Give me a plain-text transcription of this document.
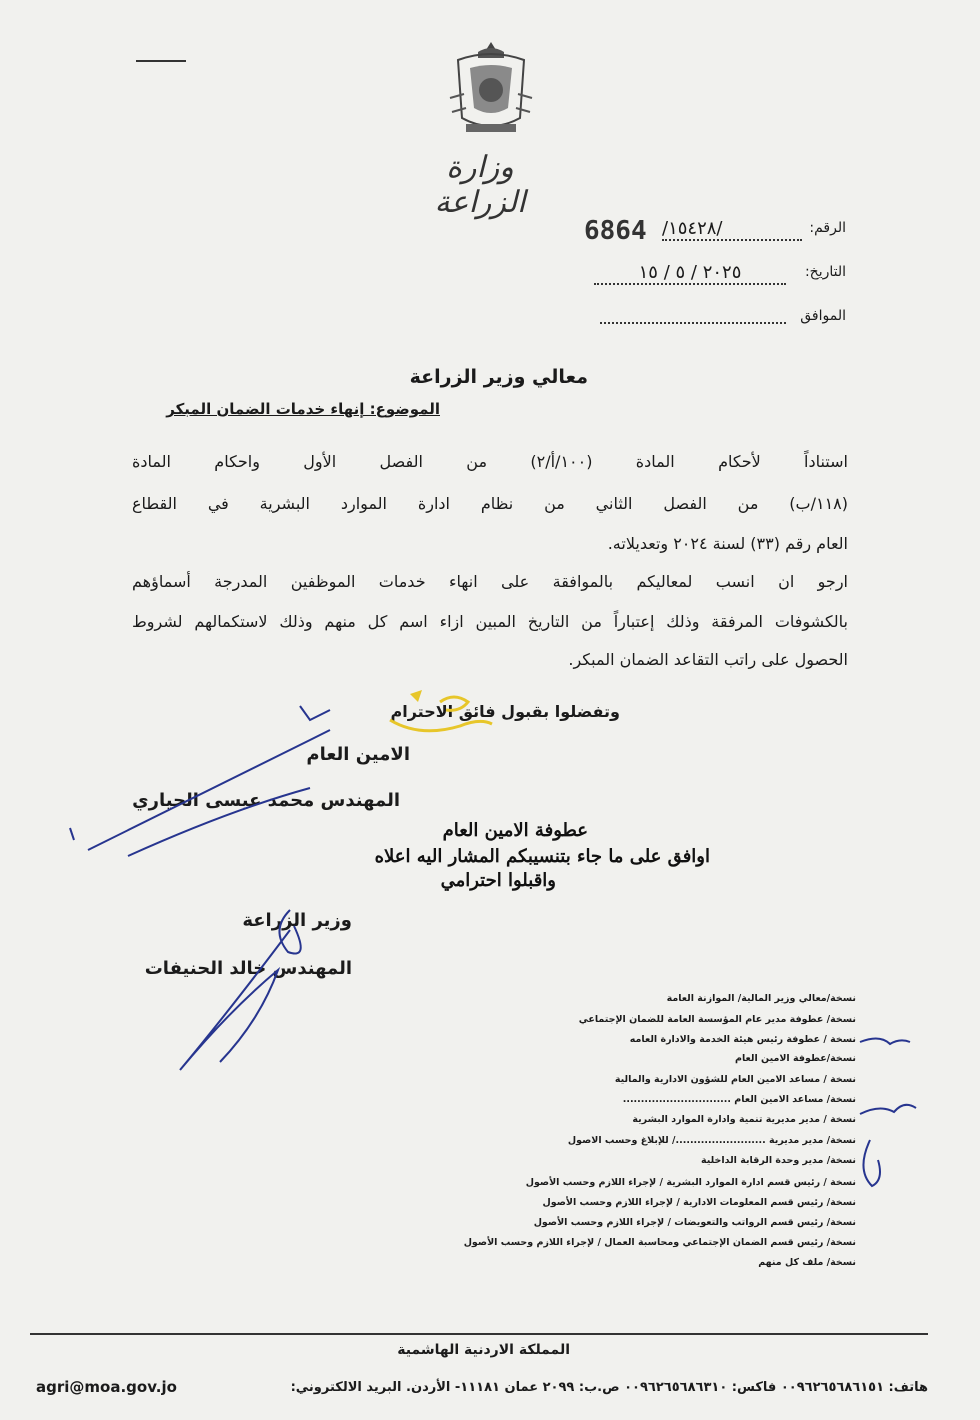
وزارة الزراعة
الرقم:
/١٥٤٢٨/
6864
التاريخ:
٢٠٢٥ / ٥ / ١٥
الموافق
معالي وزير الزراعة
الموضوع: إنهاء خدمات الضمان المبكر
استناداً لأحكام المادة (١٠٠/أ/٢) من الفصل الأول واحكام المادة
(١١٨/ب) من الفصل الثاني من نظام ادارة الموارد البشرية في القطاع
العام رقم (٣٣) لسنة ٢٠٢٤ وتعديلاته.
ارجو ان انسب لمعاليكم بالموافقة على انهاء خدمات الموظفين المدرجة أسماؤهم
بالكشوفات المرفقة وذلك إعتباراً من التاريخ المبين ازاء اسم كل منهم وذلك لاستكمالهم لشروط
الحصول على راتب التقاعد الضمان المبكر.
وتفضلوا بقبول فائق الاحترام
الامين العام
المهندس محمد عيسى الحياري
عطوفة الامين العام
اوافق على ما جاء بتنسيبكم المشار اليه اعلاه
واقبلوا احترامي
وزير الزراعة
المهندس خالد الحنيفات
نسخة/معالي وزير المالية/ الموازنة العامة
نسخة/ عطوفة مدير عام المؤسسة العامة للضمان الإجتماعي
نسخة / عطوفة رئيس هيئة الخدمة والادارة العامه
نسخة/عطوفة الامين العام
نسخة / مساعد الامين العام للشؤون الادارية والمالية
نسخة/ مساعد الامين العام ..............................
نسخة / مدير مديرية تنمية وادارة الموارد البشرية
نسخة/ مدير مديرية ........................./ للإبلاغ وحسب الاصول
نسخة/ مدير وحدة الرقابة الداخلية
نسخة / رئيس قسم ادارة الموارد البشرية / لإجراء اللازم وحسب الأصول
نسخة/ رئيس قسم المعلومات الادارية / لإجراء اللازم وحسب الأصول
نسخة/ رئيس قسم الرواتب والتعويضات / لإجراء اللازم وحسب الأصول
نسخة/ رئيس قسم الضمان الإجتماعي ومحاسبة العمال / لإجراء اللازم وحسب الأصول
نسخة/ ملف كل منهم
المملكة الاردنية الهاشمية
هاتف: ٠٠٩٦٢٦٥٦٨٦١٥١ فاكس: ٠٠٩٦٢٦٥٦٨٦٣١٠ ص.ب: ٢٠٩٩ عمان ١١١٨١- الأردن. البريد الالكتروني:
agri@moa.gov.jo
